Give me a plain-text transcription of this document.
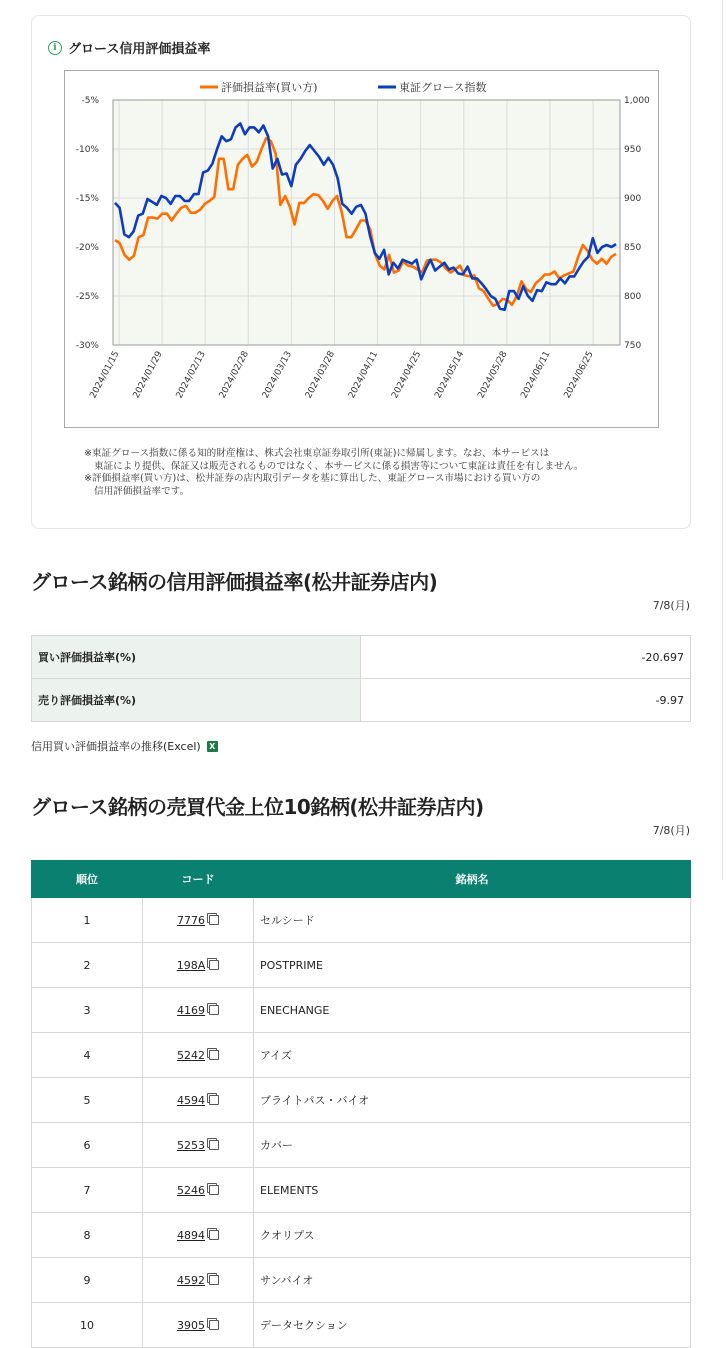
i グロース信用評価損益率
-5%	1,000
-10%	950
-15%	900
-20%	850
-25%	800
-30%	750
2024/01/15 2024/01/29 2024/02/13 2024/02/28 2024/03/13 2024/03/28 2024/04/11 2024/04/25 2024/05/14 2024/05/28 2024/06/11 2024/06/25
評価損益率(買い方)	東証グロース指数
※東証グロース指数に係る知的財産権は、株式会社東京証券取引所(東証)に帰属します。なお、本サービスは
東証により提供、保証又は販売されるものではなく、本サービスに係る損害等について東証は責任を有しません。
※評価損益率(買い方)は、松井証券の店内取引データを基に算出した、東証グロース市場における買い方の
信用評価損益率です。
グロース銘柄の信用評価損益率(松井証券店内)
7/8(月)
買い評価損益率(%)	-20.697
売り評価損益率(%)	-9.97
信用買い評価損益率の推移(Excel)	X
グロース銘柄の売買代金上位10銘柄(松井証券店内)
7/8(月)
順位	コード	銘柄名
1	7776	セルシード
2	198A	POSTPRIME
3	4169	ENECHANGE
4	5242	アイズ
5	4594	ブライトパス・バイオ
6	5253	カバー
7	5246	ELEMENTS
8	4894	クオリプス
9	4592	サンバイオ
10	3905	データセクション
